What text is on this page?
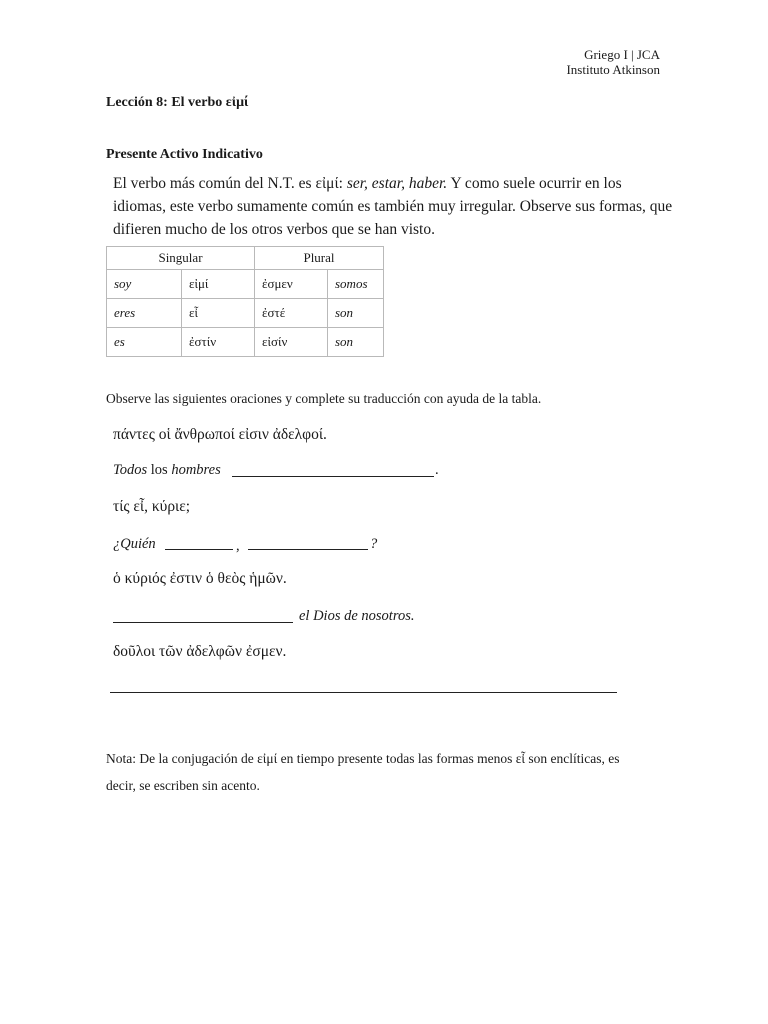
Griego I | JCA
Instituto Atkinson
Lección 8: El verbo εἰμί
Presente Activo Indicativo
El verbo más común del N.T. es εἰμί: ser, estar, haber. Y como suele ocurrir en los idiomas, este verbo sumamente común es también muy irregular. Observe sus formas, que difieren mucho de los otros verbos que se han visto.
Singular		Plural	
soy	εἰμί	ἐσμεν	somos
eres	εἶ	ἐστέ	son
es	ἐστίν	εἰσίν	son
Observe las siguientes oraciones y complete su traducción con ayuda de la tabla.
πάντες οἱ ἄνθρωποί εἰσιν ἀδελφοί.
Todos los hombres	.
τίς εἶ, κύριε;
¿Quién	,	?
ὁ κύριός ἐστιν ὁ θεὸς ἡμῶν.
el Dios de nosotros.
δοῦλοι τῶν ἀδελφῶν ἐσμεν.
Nota: De la conjugación de εἰμί en tiempo presente todas las formas menos εἶ son enclíticas, es decir, se escriben sin acento.
